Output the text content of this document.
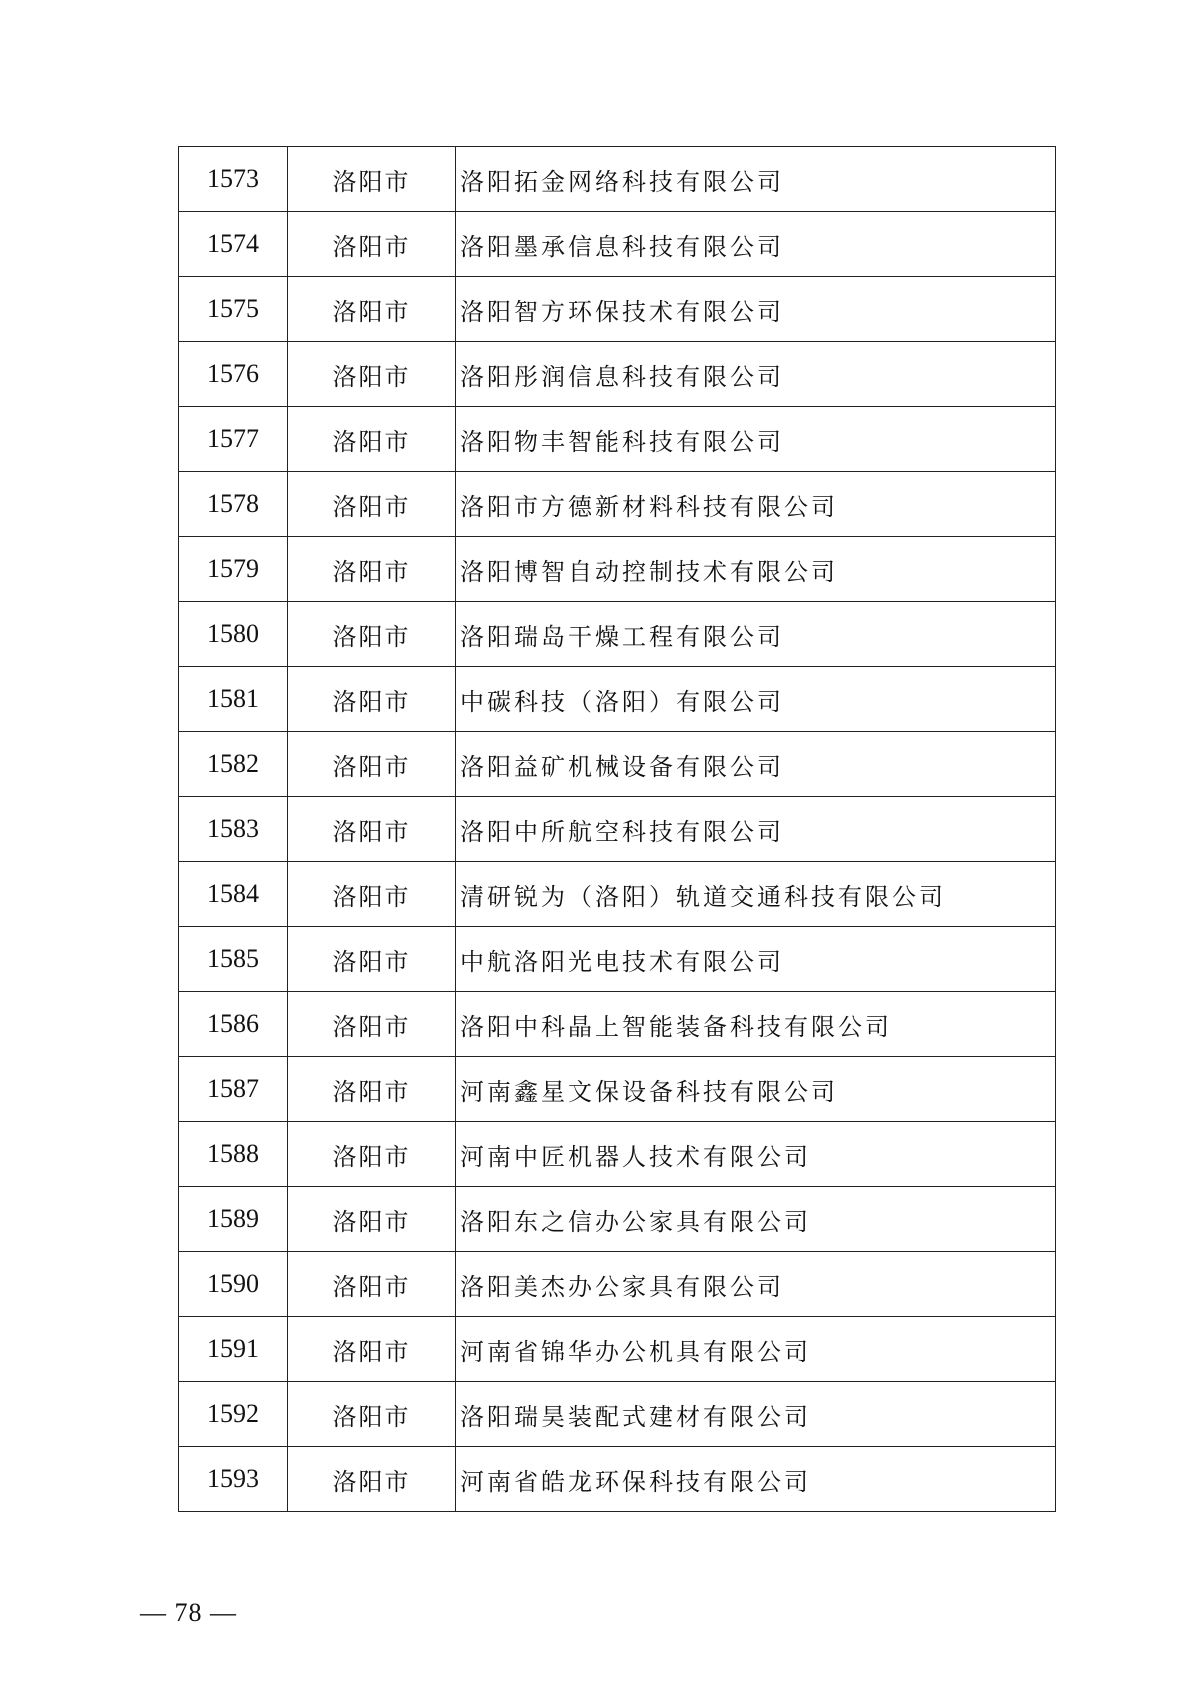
1573	洛阳市	洛阳拓金网络科技有限公司
1574	洛阳市	洛阳墨承信息科技有限公司
1575	洛阳市	洛阳智方环保技术有限公司
1576	洛阳市	洛阳彤润信息科技有限公司
1577	洛阳市	洛阳物丰智能科技有限公司
1578	洛阳市	洛阳市方德新材料科技有限公司
1579	洛阳市	洛阳博智自动控制技术有限公司
1580	洛阳市	洛阳瑞岛干燥工程有限公司
1581	洛阳市	中碳科技（洛阳）有限公司
1582	洛阳市	洛阳益矿机械设备有限公司
1583	洛阳市	洛阳中所航空科技有限公司
1584	洛阳市	清研锐为（洛阳）轨道交通科技有限公司
1585	洛阳市	中航洛阳光电技术有限公司
1586	洛阳市	洛阳中科晶上智能装备科技有限公司
1587	洛阳市	河南鑫星文保设备科技有限公司
1588	洛阳市	河南中匠机器人技术有限公司
1589	洛阳市	洛阳东之信办公家具有限公司
1590	洛阳市	洛阳美杰办公家具有限公司
1591	洛阳市	河南省锦华办公机具有限公司
1592	洛阳市	洛阳瑞昊装配式建材有限公司
1593	洛阳市	河南省皓龙环保科技有限公司
— 78 —
